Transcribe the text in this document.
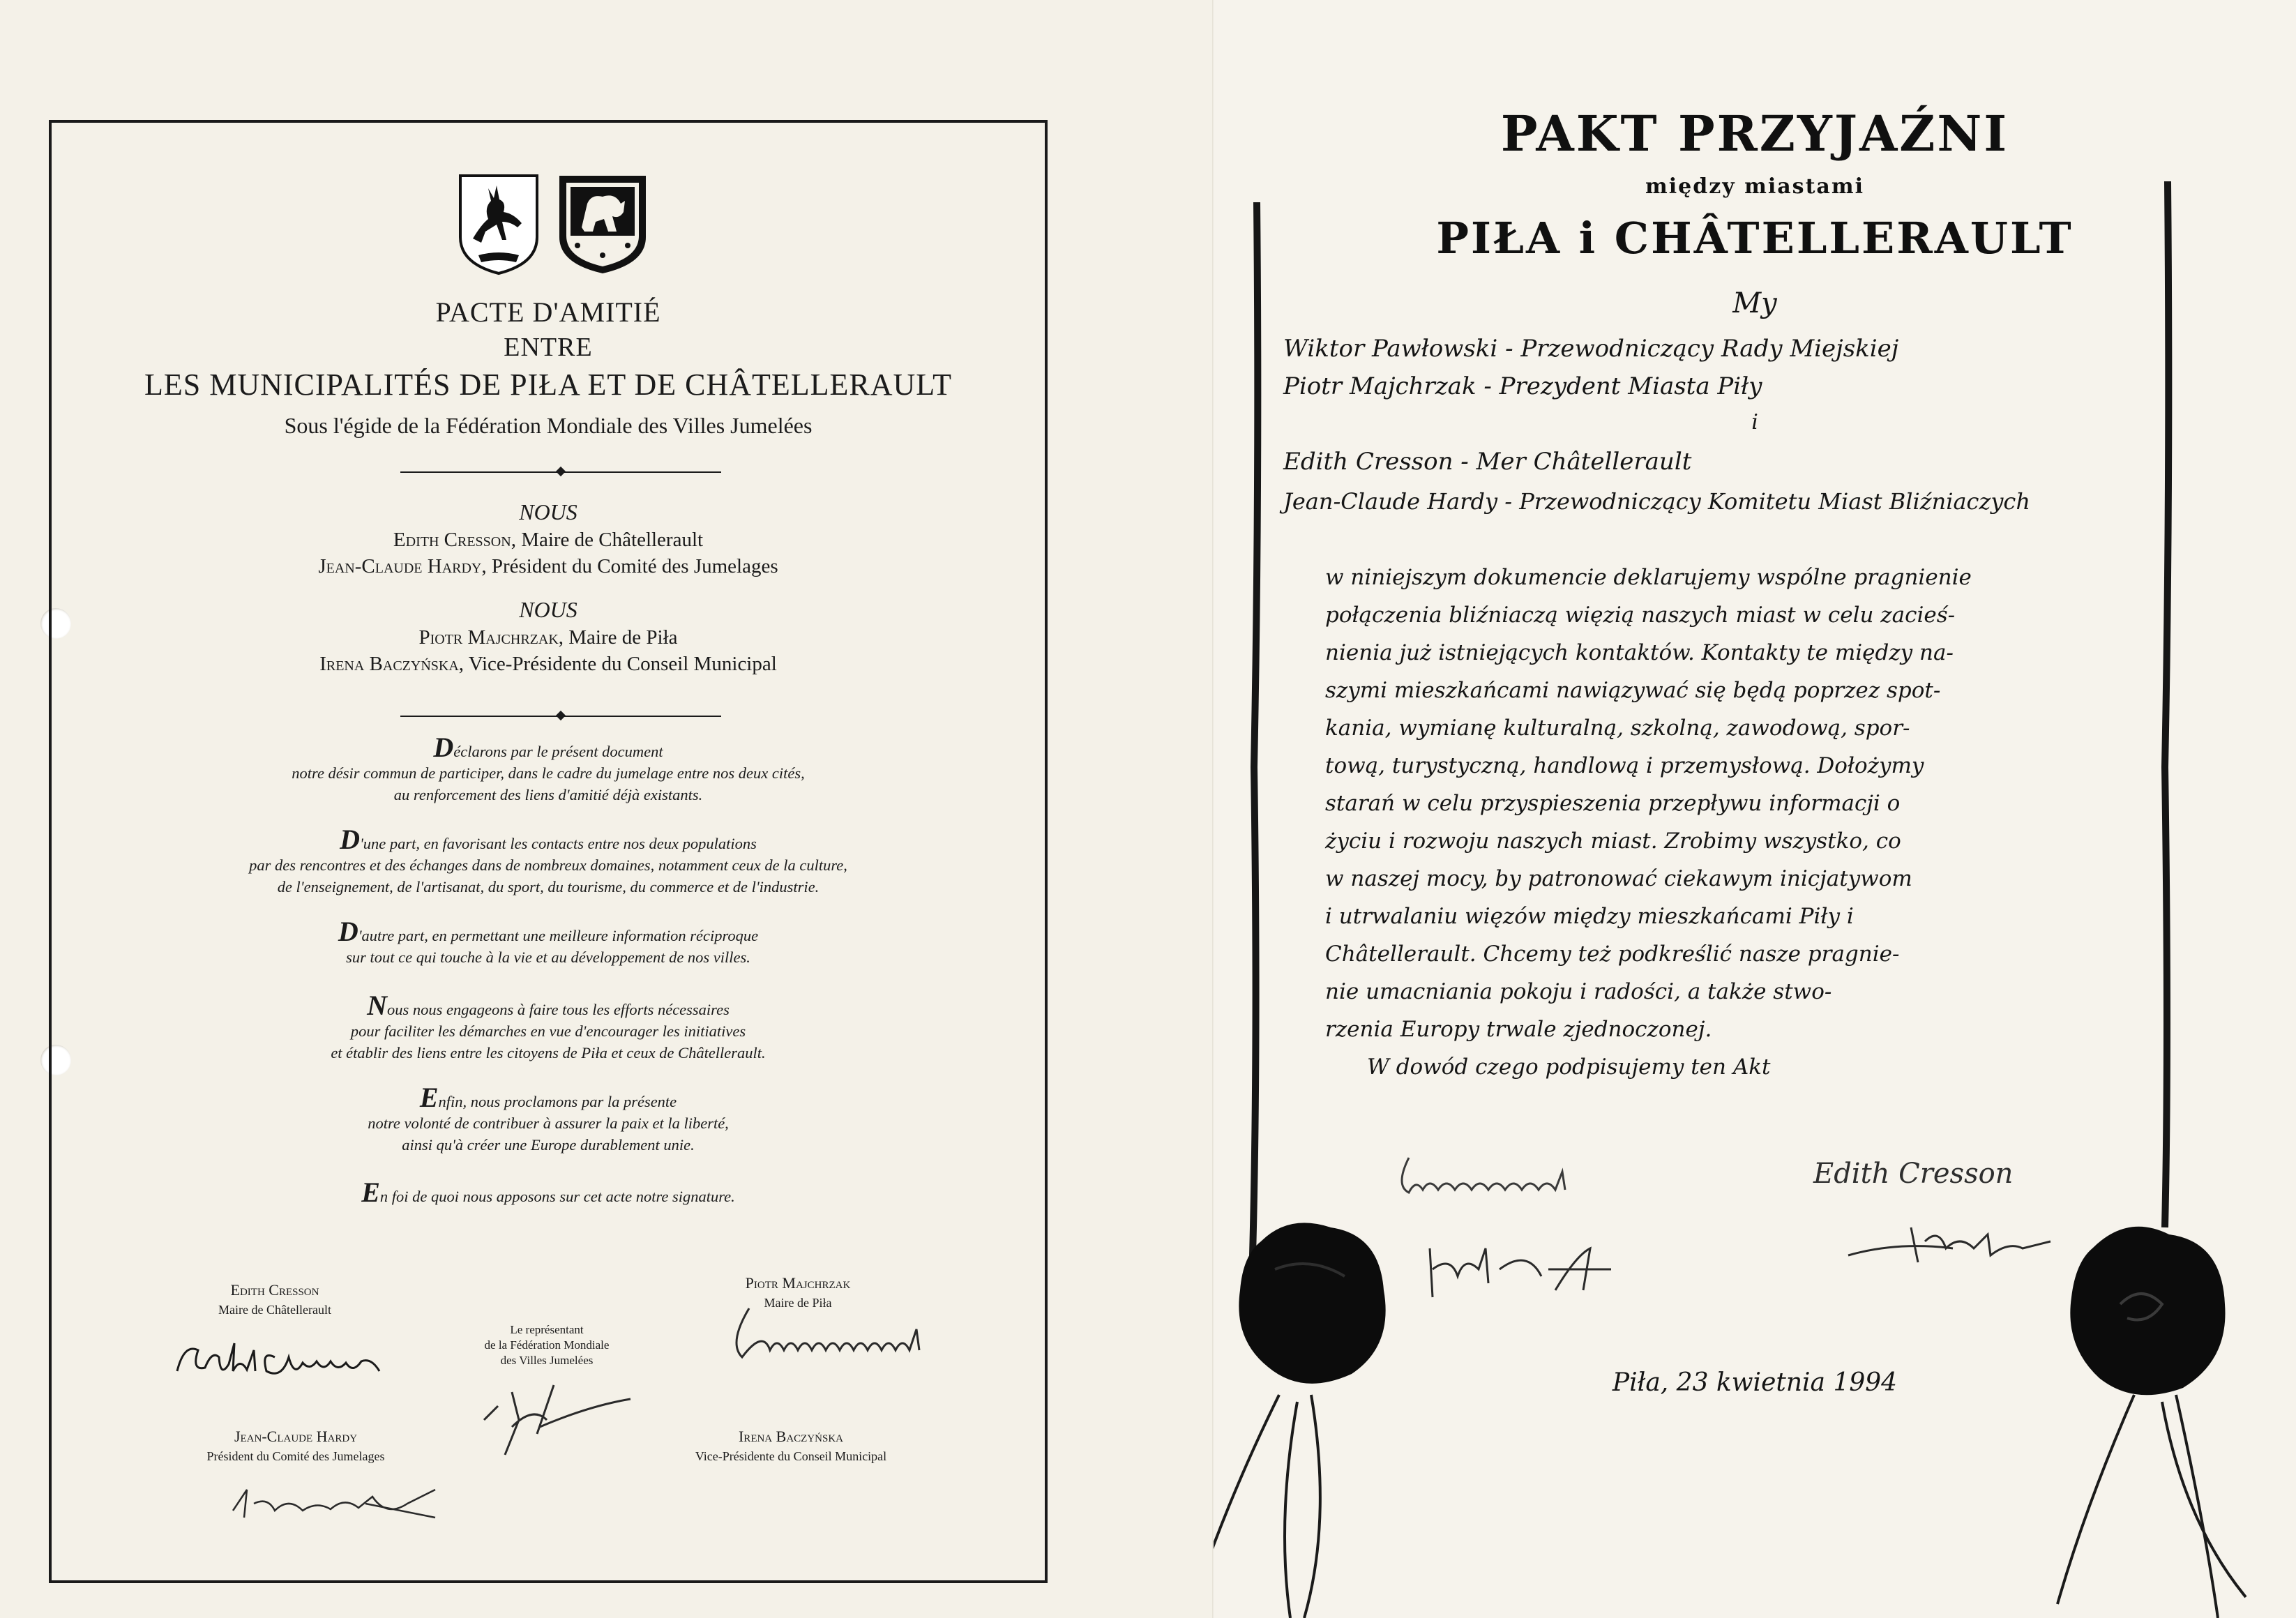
PACTE D'AMITIÉ
ENTRE
LES MUNICIPALITÉS DE PIŁA ET DE CHÂTELLERAULT
Sous l'égide de la Fédération Mondiale des Villes Jumelées
NOUS
Edith Cresson, Maire de Châtellerault
Jean-Claude Hardy, Président du Comité des Jumelages
NOUS
Piotr Majchrzak, Maire de Piła
Irena Baczyńska, Vice-Présidente du Conseil Municipal
Déclarons par le présent document
notre désir commun de participer, dans le cadre du jumelage entre nos deux cités,
au renforcement des liens d'amitié déjà existants.
D'une part, en favorisant les contacts entre nos deux populations
par des rencontres et des échanges dans de nombreux domaines, notamment ceux de la culture,
de l'enseignement, de l'artisanat, du sport, du tourisme, du commerce et de l'industrie.
D'autre part, en permettant une meilleure information réciproque
sur tout ce qui touche à la vie et au développement de nos villes.
Nous nous engageons à faire tous les efforts nécessaires
pour faciliter les démarches en vue d'encourager les initiatives
et établir des liens entre les citoyens de Piła et ceux de Châtellerault.
Enfin, nous proclamons par la présente
notre volonté de contribuer à assurer la paix et la liberté,
ainsi qu'à créer une Europe durablement unie.
En foi de quoi nous apposons sur cet acte notre signature.
Edith Cresson
Maire de Châtellerault
Le représentant
de la Fédération Mondiale
des Villes Jumelées
Piotr Majchrzak
Maire de Piła
Jean-Claude Hardy
Président du Comité des Jumelages
Irena Baczyńska
Vice-Présidente du Conseil Municipal
PAKT PRZYJAŹNI
między miastami
PIŁA i CHÂTELLERAULT
My
Wiktor Pawłowski - Przewodniczący Rady Miejskiej
Piotr Majchrzak - Prezydent Miasta Piły
i
Edith Cresson - Mer Châtellerault
Jean-Claude Hardy - Przewodniczący Komitetu Miast Bliźniaczych
w niniejszym dokumencie deklarujemy wspólne pragnienie
połączenia bliźniaczą więzią naszych miast w celu zacieś-
nienia już istniejących kontaktów. Kontakty te między na-
szymi mieszkańcami nawiązywać się będą poprzez spot-
kania, wymianę kulturalną, szkolną, zawodową, spor-
tową, turystyczną, handlową i przemysłową. Dołożymy
starań w celu przyspieszenia przepływu informacji o
życiu i rozwoju naszych miast. Zrobimy wszystko, co
w naszej mocy, by patronować ciekawym inicjatywom
i utrwalaniu więzów między mieszkańcami Piły i
Châtellerault. Chcemy też podkreślić nasze pragnie-
nie umacniania pokoju i radości, a także stwo-
rzenia Europy trwale zjednoczonej.
W dowód czego podpisujemy ten Akt
Edith Cresson
Piła, 23 kwietnia 1994
